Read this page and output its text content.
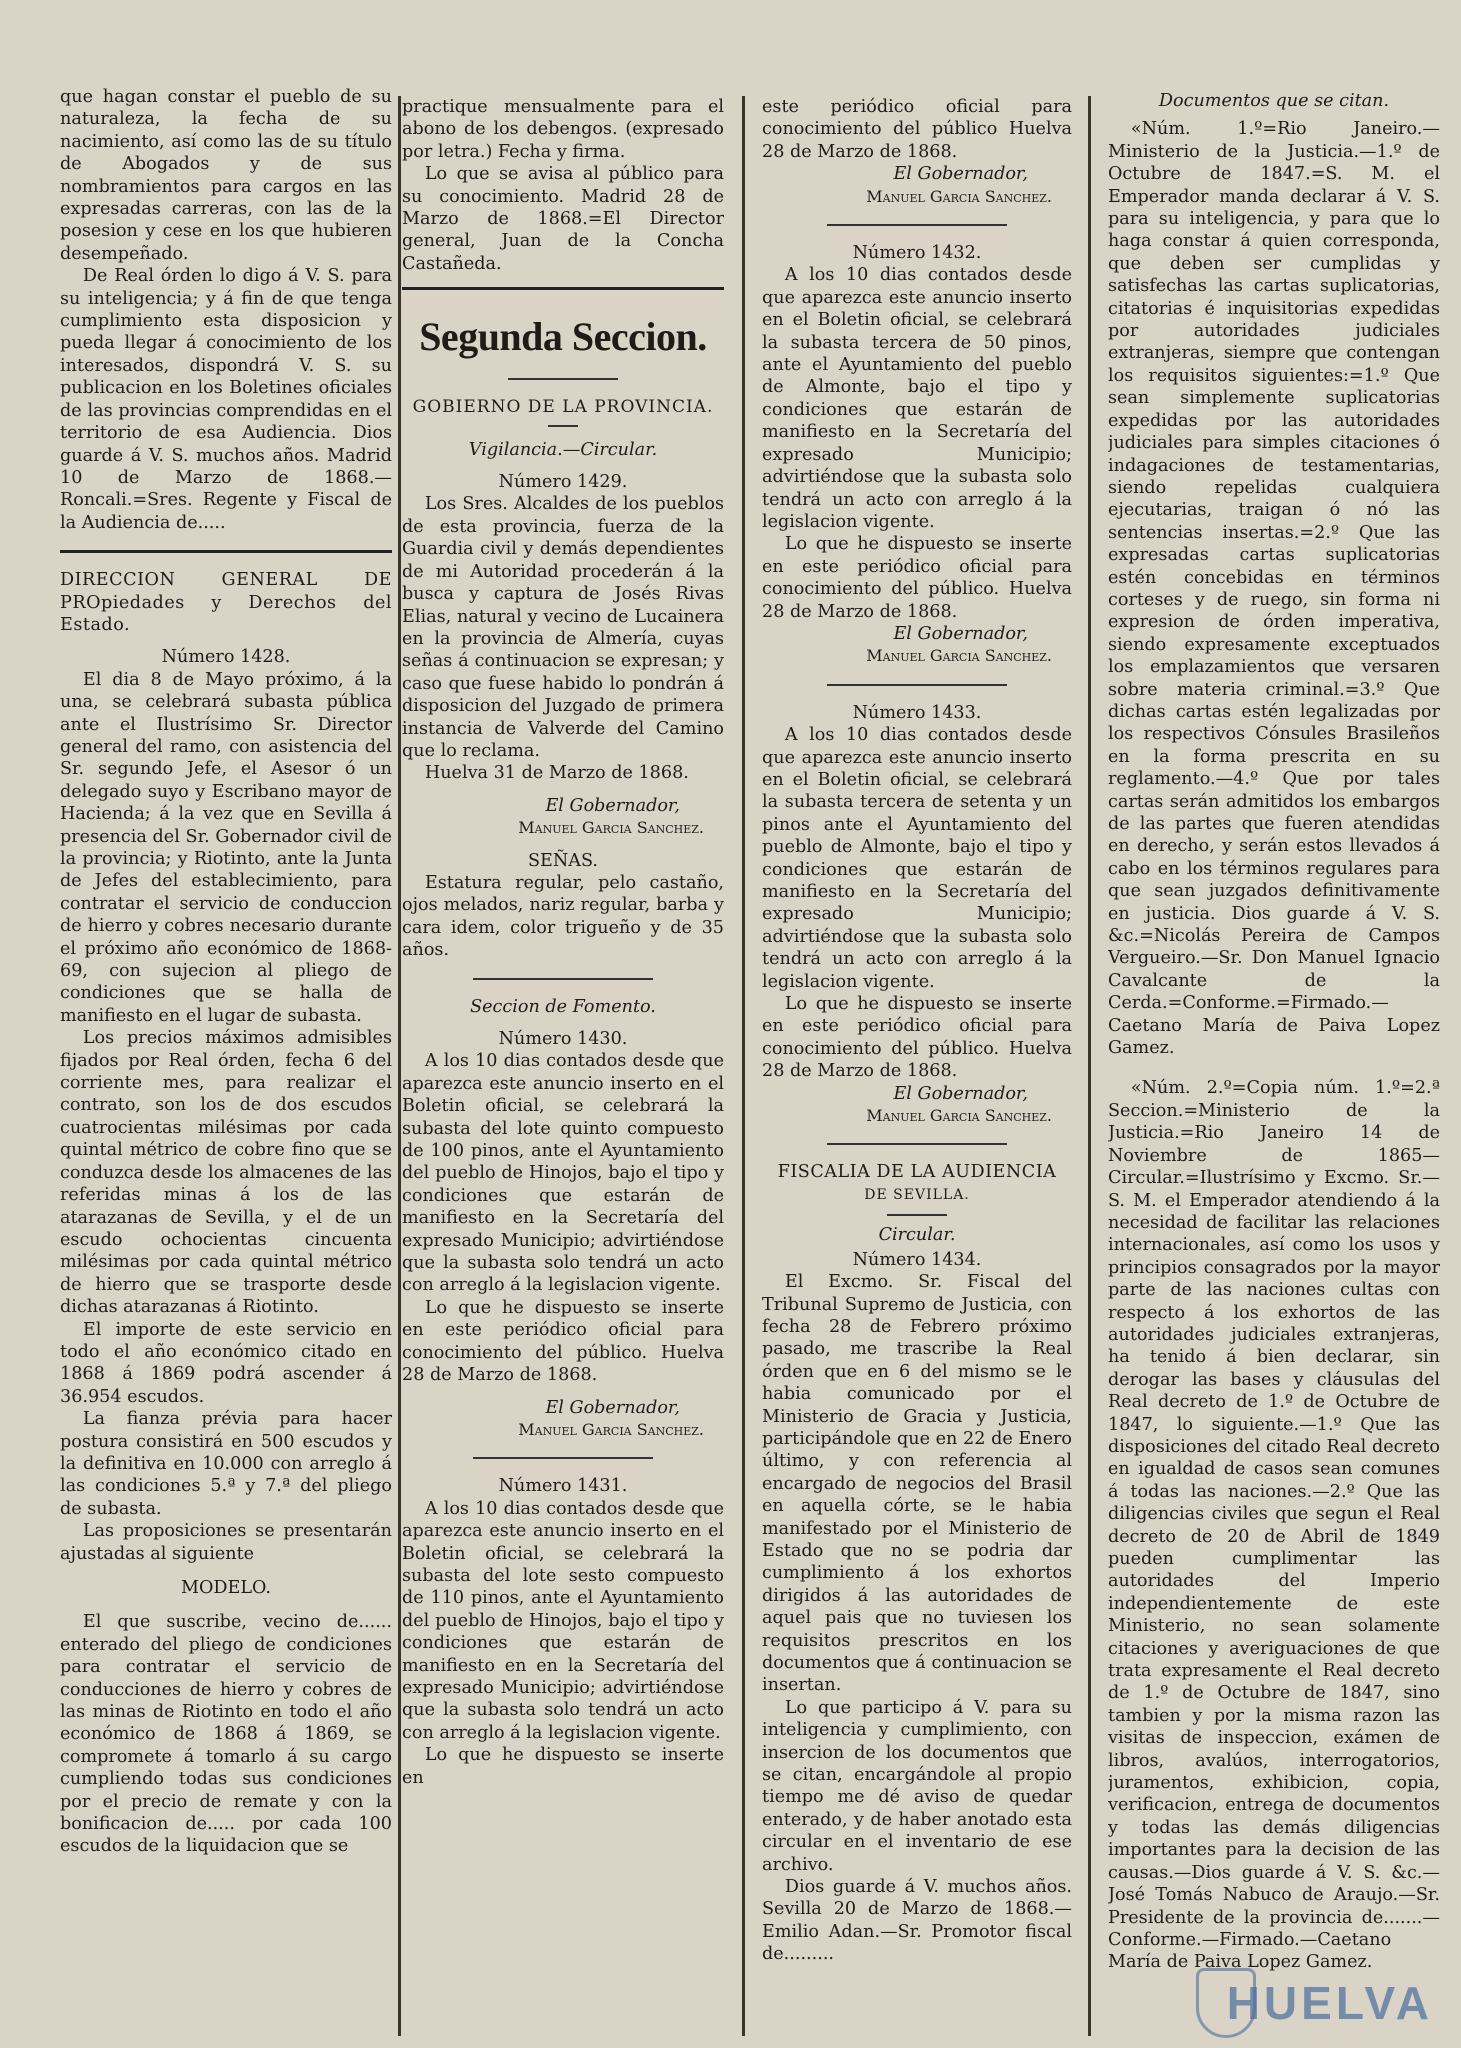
que hagan constar el pueblo de su naturaleza, la fecha de su nacimiento, así como las de su título de Abogados y de sus nombramientos para cargos en las expresadas carreras, con las de la posesion y cese en los que hubieren desempeñado.

De Real órden lo digo á V. S. para su inteligencia; y á fin de que tenga cumplimiento esta disposicion y pueda llegar á conocimiento de los interesados, dispondrá V. S. su publicacion en los Boletines oficiales de las provincias comprendidas en el territorio de esa Audiencia. Dios guarde á V. S. muchos años. Madrid 10 de Marzo de 1868.—Roncali.=Sres. Regente y Fiscal de la Audiencia de.....

DIRECCION GENERAL DE PROpiedades y Derechos del Estado.

Número 1428.

El dia 8 de Mayo próximo, á la una, se celebrará subasta pública ante el Ilustrísimo Sr. Director general del ramo, con asistencia del Sr. segundo Jefe, el Asesor ó un delegado suyo y Escribano mayor de Hacienda; á la vez que en Sevilla á presencia del Sr. Gobernador civil de la provincia; y Riotinto, ante la Junta de Jefes del establecimiento, para contratar el servicio de conduccion de hierro y cobres necesario durante el próximo año económico de 1868-69, con sujecion al pliego de condiciones que se halla de manifiesto en el lugar de subasta.

Los precios máximos admisibles fijados por Real órden, fecha 6 del corriente mes, para realizar el contrato, son los de dos escudos cuatrocientas milésimas por cada quintal métrico de cobre fino que se conduzca desde los almacenes de las referidas minas á los de las atarazanas de Sevilla, y el de un escudo ochocientas cincuenta milésimas por cada quintal métrico de hierro que se trasporte desde dichas atarazanas á Riotinto.

El importe de este servicio en todo el año económico citado en 1868 á 1869 podrá ascender á 36.954 escudos.

La fianza prévia para hacer postura consistirá en 500 escudos y la definitiva en 10.000 con arreglo á las condiciones 5.ª y 7.ª del pliego de subasta.

Las proposiciones se presentarán ajustadas al siguiente

MODELO.

El que suscribe, vecino de...... enterado del pliego de condiciones para contratar el servicio de conducciones de hierro y cobres de las minas de Riotinto en todo el año económico de 1868 á 1869, se compromete á tomarlo á su cargo cumpliendo todas sus condiciones por el precio de remate y con la bonificacion de..... por cada 100 escudos de la liquidacion que se

practique mensualmente para el abono de los debengos. (expresado por letra.) Fecha y firma.

Lo que se avisa al público para su conocimiento. Madrid 28 de Marzo de 1868.=El Director general, Juan de la Concha Castañeda.

Segunda Seccion.

GOBIERNO DE LA PROVINCIA.

Vigilancia.—Circular.

Número 1429.

Los Sres. Alcaldes de los pueblos de esta provincia, fuerza de la Guardia civil y demás dependientes de mi Autoridad procederán á la busca y captura de Josés Rivas Elias, natural y vecino de Lucainera en la provincia de Almería, cuyas señas á continuacion se expresan; y caso que fuese habido lo pondrán á disposicion del Juzgado de primera instancia de Valverde del Camino que lo reclama.

Huelva 31 de Marzo de 1868.

El Gobernador,

Manuel Garcia Sanchez.

SEÑAS.

Estatura regular, pelo castaño, ojos melados, nariz regular, barba y cara idem, color trigueño y de 35 años.

Seccion de Fomento.

Número 1430.

A los 10 dias contados desde que aparezca este anuncio inserto en el Boletin oficial, se celebrará la subasta del lote quinto compuesto de 100 pinos, ante el Ayuntamiento del pueblo de Hinojos, bajo el tipo y condiciones que estarán de manifiesto en la Secretaría del expresado Municipio; advirtiéndose que la subasta solo tendrá un acto con arreglo á la legislacion vigente.

Lo que he dispuesto se inserte en este periódico oficial para conocimiento del público. Huelva 28 de Marzo de 1868.

El Gobernador,

Manuel Garcia Sanchez.

Número 1431.

A los 10 dias contados desde que aparezca este anuncio inserto en el Boletin oficial, se celebrará la subasta del lote sesto compuesto de 110 pinos, ante el Ayuntamiento del pueblo de Hinojos, bajo el tipo y condiciones que estarán de manifiesto en en la Secretaría del expresado Municipio; advirtiéndose que la subasta solo tendrá un acto con arreglo á la legislacion vigente.

Lo que he dispuesto se inserte en

este periódico oficial para conocimiento del público Huelva 28 de Marzo de 1868.

El Gobernador,

Manuel Garcia Sanchez.

Número 1432.

A los 10 dias contados desde que aparezca este anuncio inserto en el Boletin oficial, se celebrará la subasta tercera de 50 pinos, ante el Ayuntamiento del pueblo de Almonte, bajo el tipo y condiciones que estarán de manifiesto en la Secretaría del expresado Municipio; advirtiéndose que la subasta solo tendrá un acto con arreglo á la legislacion vigente.

Lo que he dispuesto se inserte en este periódico oficial para conocimiento del público. Huelva 28 de Marzo de 1868.

El Gobernador,

Manuel Garcia Sanchez.

Número 1433.

A los 10 dias contados desde que aparezca este anuncio inserto en el Boletin oficial, se celebrará la subasta tercera de setenta y un pinos ante el Ayuntamiento del pueblo de Almonte, bajo el tipo y condiciones que estarán de manifiesto en la Secretaría del expresado Municipio; advirtiéndose que la subasta solo tendrá un acto con arreglo á la legislacion vigente.

Lo que he dispuesto se inserte en este periódico oficial para conocimiento del público. Huelva 28 de Marzo de 1868.

El Gobernador,

Manuel Garcia Sanchez.

FISCALIA DE LA AUDIENCIA

DE SEVILLA.

Circular.

Número 1434.

El Excmo. Sr. Fiscal del Tribunal Supremo de Justicia, con fecha 28 de Febrero próximo pasado, me trascribe la Real órden que en 6 del mismo se le habia comunicado por el Ministerio de Gracia y Justicia, participándole que en 22 de Enero último, y con referencia al encargado de negocios del Brasil en aquella córte, se le habia manifestado por el Ministerio de Estado que no se podria dar cumplimiento á los exhortos dirigidos á las autoridades de aquel pais que no tuviesen los requisitos prescritos en los documentos que á continuacion se insertan.

Lo que participo á V. para su inteligencia y cumplimiento, con insercion de los documentos que se citan, encargándole al propio tiempo me dé aviso de quedar enterado, y de haber anotado esta circular en el inventario de ese archivo.

Dios guarde á V. muchos años. Sevilla 20 de Marzo de 1868.—Emilio Adan.—Sr. Promotor fiscal de.........

Documentos que se citan.

«Núm. 1.º=Rio Janeiro.—Ministerio de la Justicia.—1.º de Octubre de 1847.=S. M. el Emperador manda declarar á V. S. para su inteligencia, y para que lo haga constar á quien corresponda, que deben ser cumplidas y satisfechas las cartas suplicatorias, citatorias é inquisitorias expedidas por autoridades judiciales extranjeras, siempre que contengan los requisitos siguientes:=1.º Que sean simplemente suplicatorias expedidas por las autoridades judiciales para simples citaciones ó indagaciones de testamentarias, siendo repelidas cualquiera ejecutarias, traigan ó nó las sentencias insertas.=2.º Que las expresadas cartas suplicatorias estén concebidas en términos corteses y de ruego, sin forma ni expresion de órden imperativa, siendo expresamente exceptuados los emplazamientos que versaren sobre materia criminal.=3.º Que dichas cartas estén legalizadas por los respectivos Cónsules Brasileños en la forma prescrita en su reglamento.—4.º Que por tales cartas serán admitidos los embargos de las partes que fueren atendidas en derecho, y serán estos llevados á cabo en los términos regulares para que sean juzgados definitivamente en justicia. Dios guarde á V. S. &c.=Nicolás Pereira de Campos Vergueiro.—Sr. Don Manuel Ignacio Cavalcante de la Cerda.=Conforme.=Firmado.—Caetano María de Paiva Lopez Gamez.

«Núm. 2.º=Copia núm. 1.º=2.ª Seccion.=Ministerio de la Justicia.=Rio Janeiro 14 de Noviembre de 1865—Circular.=Ilustrísimo y Excmo. Sr.—S. M. el Emperador atendiendo á la necesidad de facilitar las relaciones internacionales, así como los usos y principios consagrados por la mayor parte de las naciones cultas con respecto á los exhortos de las autoridades judiciales extranjeras, ha tenido á bien declarar, sin derogar las bases y cláusulas del Real decreto de 1.º de Octubre de 1847, lo siguiente.—1.º Que las disposiciones del citado Real decreto en igualdad de casos sean comunes á todas las naciones.—2.º Que las diligencias civiles que segun el Real decreto de 20 de Abril de 1849 pueden cumplimentar las autoridades del Imperio independientemente de este Ministerio, no sean solamente citaciones y averiguaciones de que trata expresamente el Real decreto de 1.º de Octubre de 1847, sino tambien y por la misma razon las visitas de inspeccion, exámen de libros, avalúos, interrogatorios, juramentos, exhibicion, copia, verificacion, entrega de documentos y todas las demás diligencias importantes para la decision de las causas.—Dios guarde á V. S. &c.—José Tomás Nabuco de Araujo.—Sr. Presidente de la provincia de.......—Conforme.—Firmado.—Caetano María de Paiva Lopez Gamez.

HUELVA
